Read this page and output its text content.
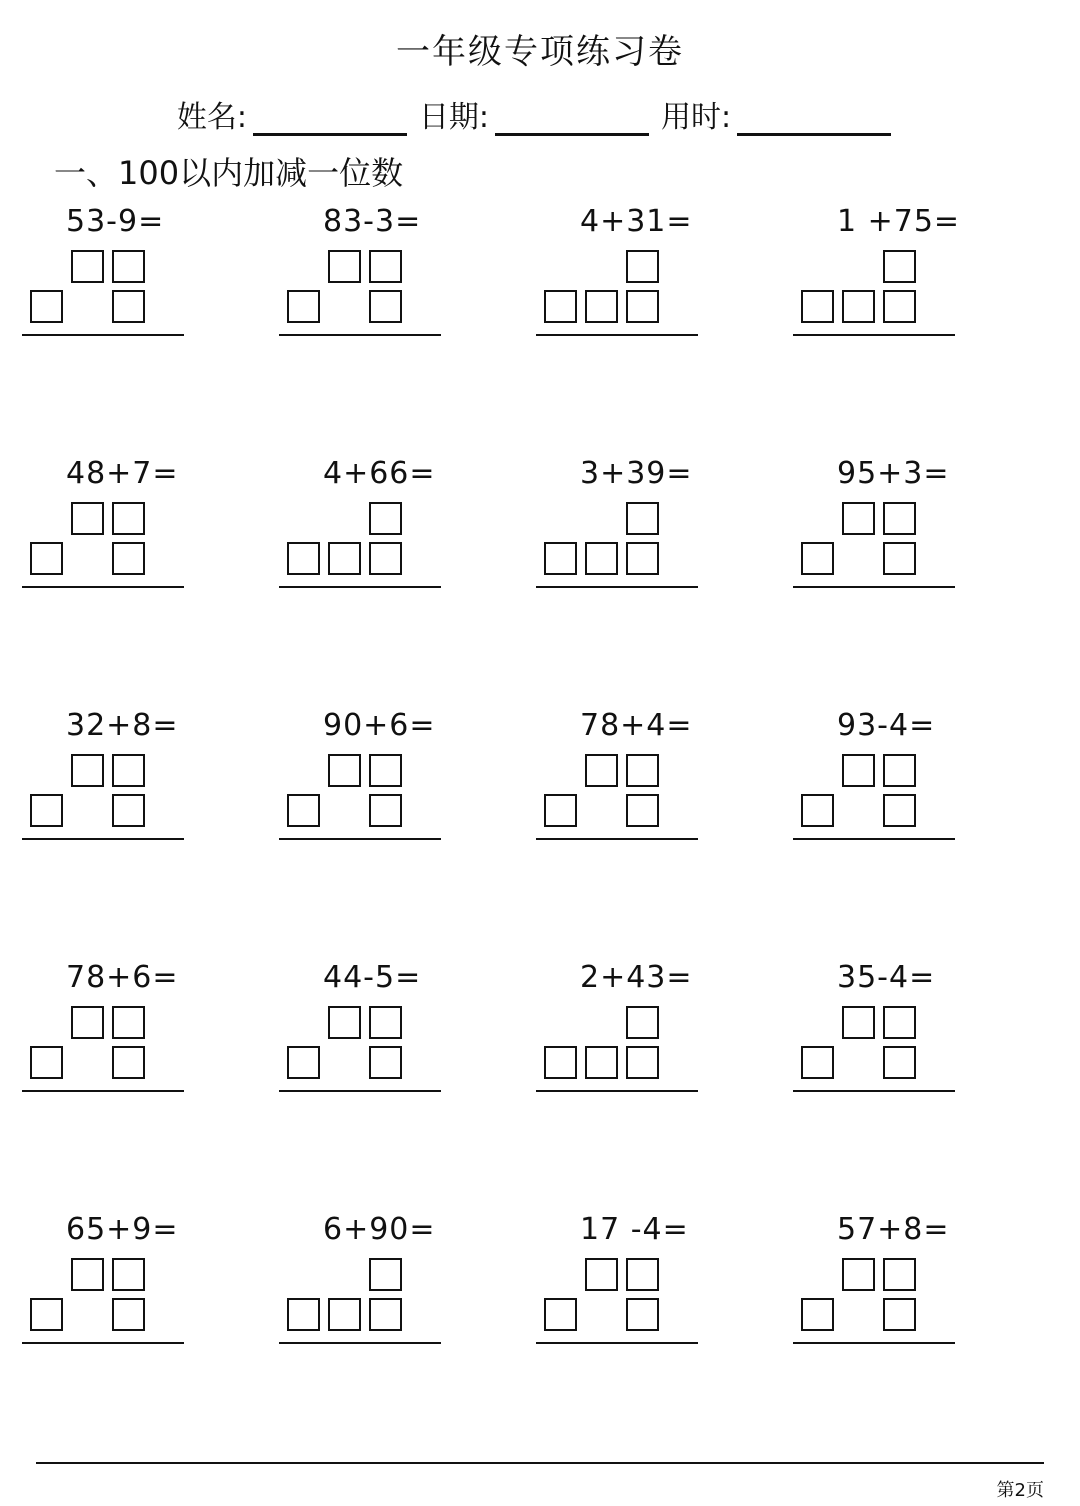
一年级专项练习卷
姓名:	日期:	用时:
一、100以内加减一位数
53-9=	83-3=	4+31=	1 +75=
48+7=	4+66=	3+39=	95+3=
32+8=	90+6=	78+4=	93-4=
78+6=	44-5=	2+43=	35-4=
65+9=	6+90=	17 -4=	57+8=
第2页
